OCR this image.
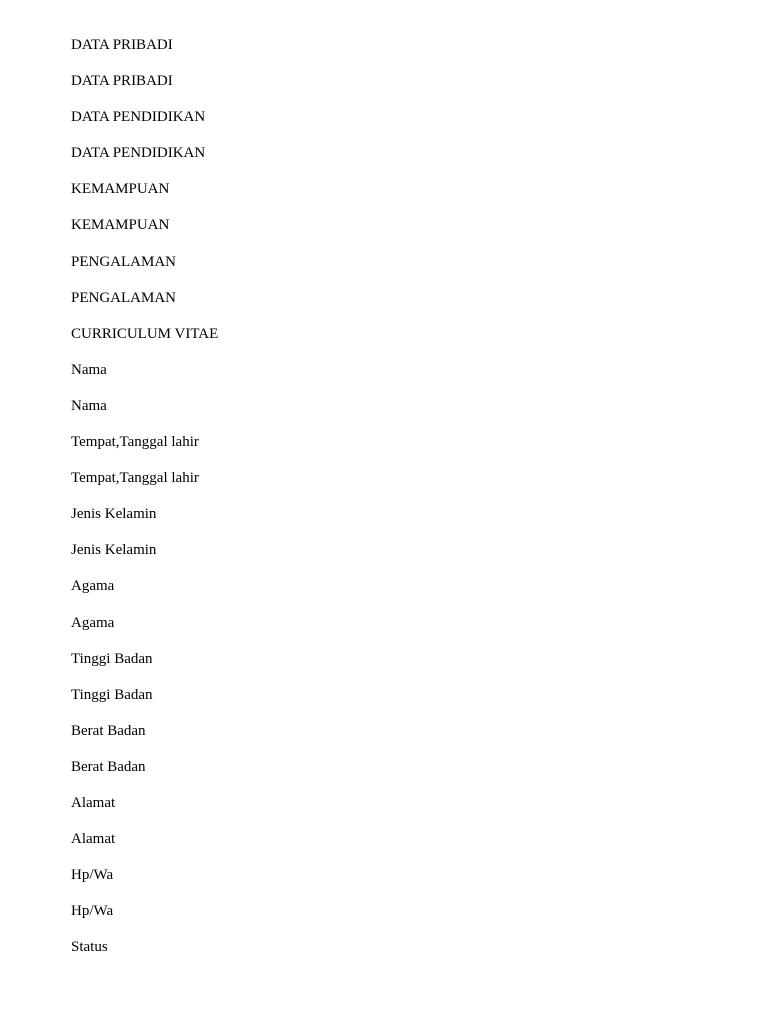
DATA PRIBADI
DATA PRIBADI
DATA PENDIDIKAN
DATA PENDIDIKAN
KEMAMPUAN
KEMAMPUAN
PENGALAMAN
PENGALAMAN
CURRICULUM VITAE
Nama
Nama
Tempat,Tanggal lahir
Tempat,Tanggal lahir
Jenis Kelamin
Jenis Kelamin
Agama
Agama
Tinggi Badan
Tinggi Badan
Berat Badan
Berat Badan
Alamat
Alamat
Hp/Wa
Hp/Wa
Status
